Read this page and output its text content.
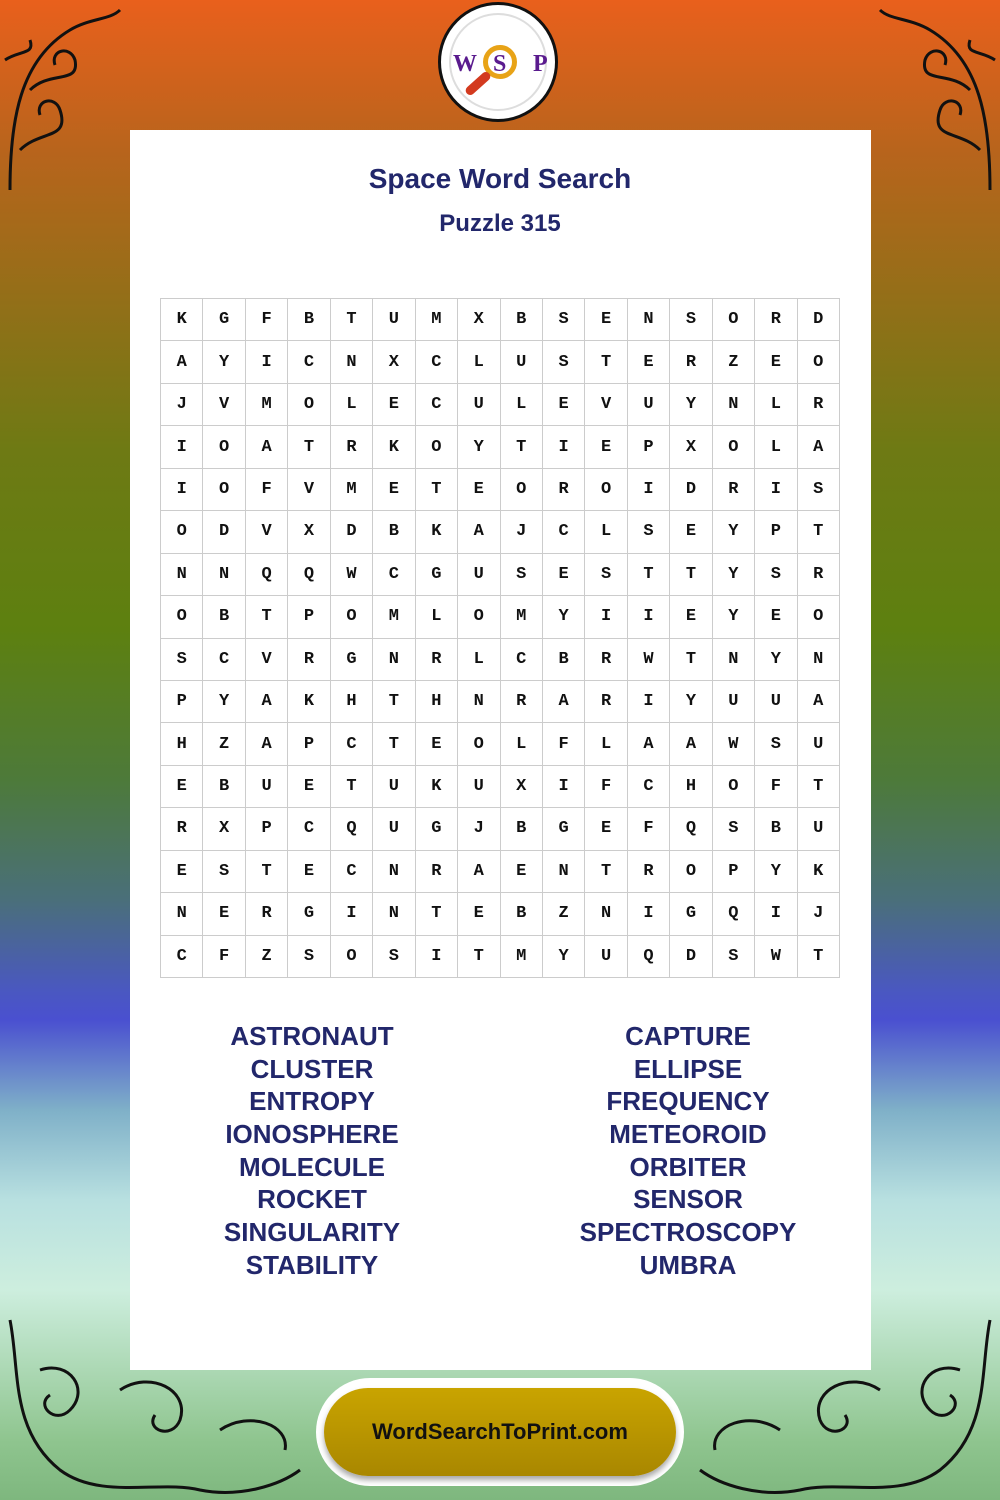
W S P
Space Word Search
Puzzle 315
K	G	F	B	T	U	M	X	B	S	E	N	S	O	R	D
A	Y	I	C	N	X	C	L	U	S	T	E	R	Z	E	O
J	V	M	O	L	E	C	U	L	E	V	U	Y	N	L	R
I	O	A	T	R	K	O	Y	T	I	E	P	X	O	L	A
I	O	F	V	M	E	T	E	O	R	O	I	D	R	I	S
O	D	V	X	D	B	K	A	J	C	L	S	E	Y	P	T
N	N	Q	Q	W	C	G	U	S	E	S	T	T	Y	S	R
O	B	T	P	O	M	L	O	M	Y	I	I	E	Y	E	O
S	C	V	R	G	N	R	L	C	B	R	W	T	N	Y	N
P	Y	A	K	H	T	H	N	R	A	R	I	Y	U	U	A
H	Z	A	P	C	T	E	O	L	F	L	A	A	W	S	U
E	B	U	E	T	U	K	U	X	I	F	C	H	O	F	T
R	X	P	C	Q	U	G	J	B	G	E	F	Q	S	B	U
E	S	T	E	C	N	R	A	E	N	T	R	O	P	Y	K
N	E	R	G	I	N	T	E	B	Z	N	I	G	Q	I	J
C	F	Z	S	O	S	I	T	M	Y	U	Q	D	S	W	T
ASTRONAUT
CLUSTER
ENTROPY
IONOSPHERE
MOLECULE
ROCKET
SINGULARITY
STABILITY
CAPTURE
ELLIPSE
FREQUENCY
METEOROID
ORBITER
SENSOR
SPECTROSCOPY
UMBRA
WordSearchToPrint.com
